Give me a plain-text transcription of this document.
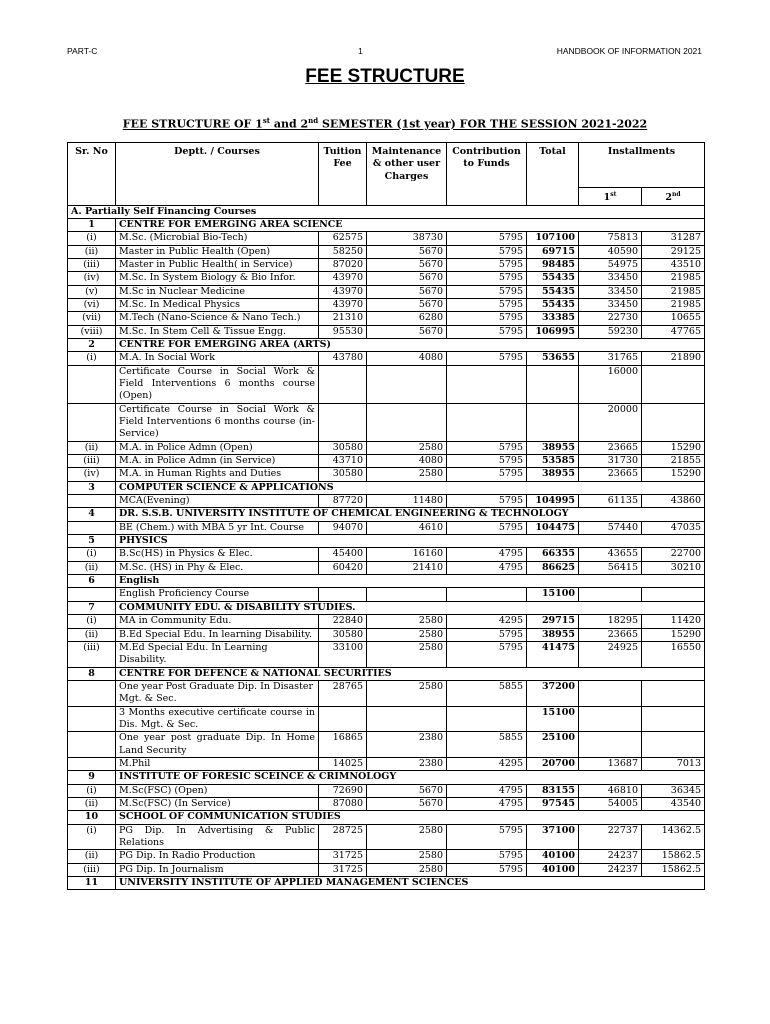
PART-C	1	HANDBOOK OF INFORMATION 2021
FEE STRUCTURE
FEE STRUCTURE OF 1st and 2nd SEMESTER (1st year) FOR THE SESSION 2021-2022
Sr. No	Deptt. / Courses	Tuition Fee	Maintenance & other user Charges	Contribution to Funds	Total	Installments	
						1st	2nd
A. Partially Self Financing Courses							
1	CENTRE FOR EMERGING AREA SCIENCE						
(i)	M.Sc. (Microbial Bio-Tech)	62575	38730	5795	107100	75813	31287
(ii)	Master in Public Health (Open)	58250	5670	5795	69715	40590	29125
(iii)	Master in Public Health( in Service)	87020	5670	5795	98485	54975	43510
(iv)	M.Sc. In System Biology & Bio Infor.	43970	5670	5795	55435	33450	21985
(v)	M.Sc in Nuclear Medicine	43970	5670	5795	55435	33450	21985
(vi)	M.Sc. In Medical Physics	43970	5670	5795	55435	33450	21985
(vii)	M.Tech (Nano-Science & Nano Tech.)	21310	6280	5795	33385	22730	10655
(viii)	M.Sc. In Stem Cell & Tissue Engg.	95530	5670	5795	106995	59230	47765
2	CENTRE FOR EMERGING AREA (ARTS)						
(i)	M.A. In Social Work	43780	4080	5795	53655	31765	21890
	Certificate Course in Social Work & Field Interventions 6 months course (Open)					16000	
	Certificate Course in Social Work & Field Interventions 6 months course (in- Service)					20000	
(ii)	M.A. in Police Admn (Open)	30580	2580	5795	38955	23665	15290
(iii)	M.A. in Police Admn (in Service)	43710	4080	5795	53585	31730	21855
(iv)	M.A. in Human Rights and Duties	30580	2580	5795	38955	23665	15290
3	COMPUTER SCIENCE & APPLICATIONS						
	MCA(Evening)	87720	11480	5795	104995	61135	43860
4	DR. S.S.B. UNIVERSITY INSTITUTE OF CHEMICAL ENGINEERING & TECHNOLOGY						
	BE (Chem.) with MBA 5 yr Int. Course	94070	4610	5795	104475	57440	47035
5	PHYSICS						
(i)	B.Sc(HS) in Physics & Elec.	45400	16160	4795	66355	43655	22700
(ii)	M.Sc. (HS) in Phy & Elec.	60420	21410	4795	86625	56415	30210
6	English						
	English Proficiency Course				15100		
7	COMMUNITY EDU. & DISABILITY STUDIES.						
(i)	MA in Community Edu.	22840	2580	4295	29715	18295	11420
(ii)	B.Ed Special Edu. In learning Disability.	30580	2580	5795	38955	23665	15290
(iii)	M.Ed Special Edu. In Learning Disability.	33100	2580	5795	41475	24925	16550
8	CENTRE FOR DEFENCE & NATIONAL SECURITIES						
	One year Post Graduate Dip. In Disaster Mgt. & Sec.	28765	2580	5855	37200		
	3 Months executive certificate course in Dis. Mgt. & Sec.				15100		
	One year post graduate Dip. In Home Land Security	16865	2380	5855	25100		
	M.Phil	14025	2380	4295	20700	13687	7013
9	INSTITUTE OF FORESIC SCEINCE & CRIMNOLOGY						
(i)	M.Sc(FSC) (Open)	72690	5670	4795	83155	46810	36345
(ii)	M.Sc(FSC) (In Service)	87080	5670	4795	97545	54005	43540
10	SCHOOL OF COMMUNICATION STUDIES						
(i)	PG Dip. In Advertising & Public Relations	28725	2580	5795	37100	22737	14362.5
(ii)	PG Dip. In Radio Production	31725	2580	5795	40100	24237	15862.5
(iii)	PG Dip. In Journalism	31725	2580	5795	40100	24237	15862.5
11	UNIVERSITY INSTITUTE OF APPLIED MANAGEMENT SCIENCES						
